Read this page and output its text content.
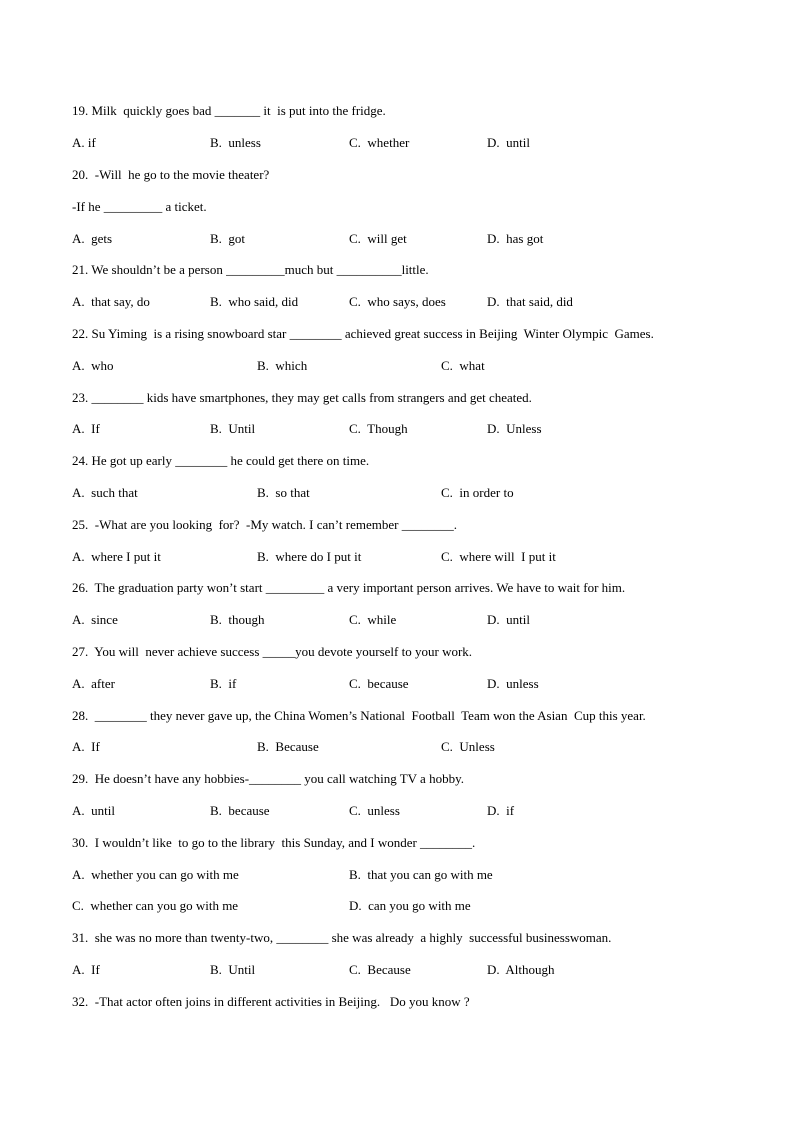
19. Milk  quickly goes bad _______ it  is put into the fridge.
A. if	B.  unless	C.  whether	D.  until
20.  -Will  he go to the movie theater?
-If he _________ a ticket.
A.  gets	B.  got	C.  will get	D.  has got
21. We shouldn’t be a person _________much but __________little.
A.  that say, do	B.  who said, did	C.  who says, does	D.  that said, did
22. Su Yiming  is a rising snowboard star ________ achieved great success in Beijing  Winter Olympic  Games.
A.  who	B.  which	C.  what
23. ________ kids have smartphones, they may get calls from strangers and get cheated.
A.  If	B.  Until	C.  Though	D.  Unless
24. He got up early ________ he could get there on time.
A.  such that	B.  so that	C.  in order to
25.  -What are you looking  for?  -My watch. I can’t remember ________.
A.  where I put it	B.  where do I put it	C.  where will  I put it
26.  The graduation party won’t start _________ a very important person arrives. We have to wait for him.
A.  since	B.  though	C.  while	D.  until
27.  You will  never achieve success _____you devote yourself to your work.
A.  after	B.  if	C.  because	D.  unless
28.  ________ they never gave up, the China Women’s National  Football  Team won the Asian  Cup this year.
A.  If	B.  Because	C.  Unless
29.  He doesn’t have any hobbies-________ you call watching TV a hobby.
A.  until	B.  because	C.  unless	D.  if
30.  I wouldn’t like  to go to the library  this Sunday, and I wonder ________.
A.  whether you can go with me	B.  that you can go with me
C.  whether can you go with me	D.  can you go with me
31.  she was no more than twenty-two, ________ she was already  a highly  successful businesswoman.
A.  If	B.  Until	C.  Because	D.  Although
32.  -That actor often joins in different activities in Beijing.   Do you know ?
